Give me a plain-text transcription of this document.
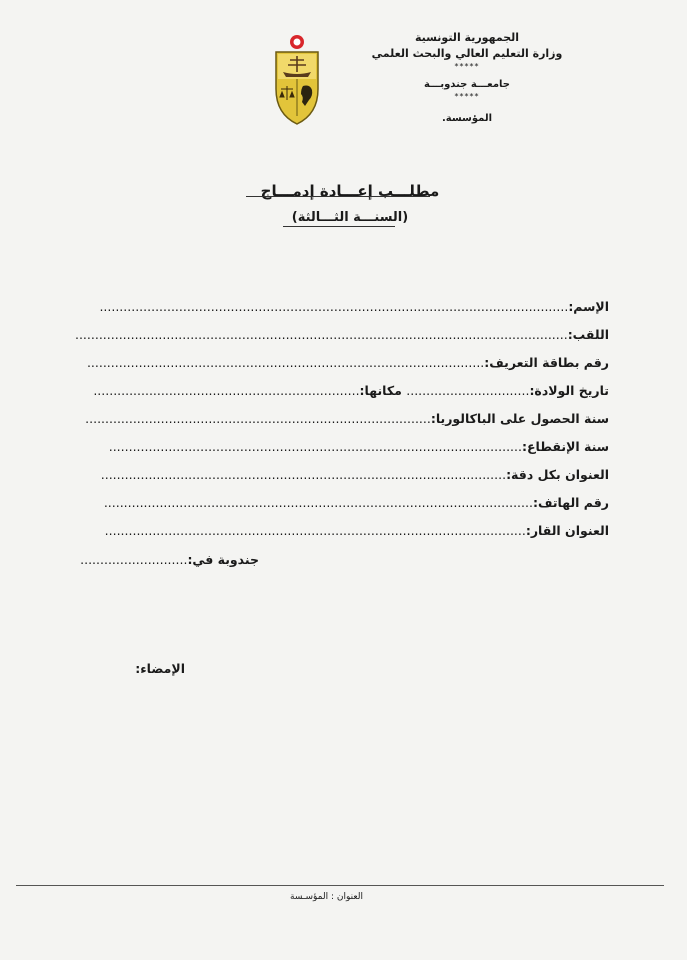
الجمهورية التونسية
وزارة التعليم العالي والبحث العلمي
*****
جامعـــة جندوبـــة
*****
المؤسسة.
مطلـــب إعـــادة إدمـــاج
(السنـــة الثـــالثة)
الإسم:......................................................................................................................
اللقب:............................................................................................................................
رقم بطاقة التعريف:....................................................................................................
تاريخ الولادة:............................... مكانها:...................................................................
سنة الحصول على الباكالوريا:.......................................................................................
سنة الإنقطاع:........................................................................................................
العنوان بكل دقة:......................................................................................................
رقم الهاتف:............................................................................................................
العنوان القار:..........................................................................................................
جندوبة في:...........................
الإمضاء:
العنوان : المؤسـسة
